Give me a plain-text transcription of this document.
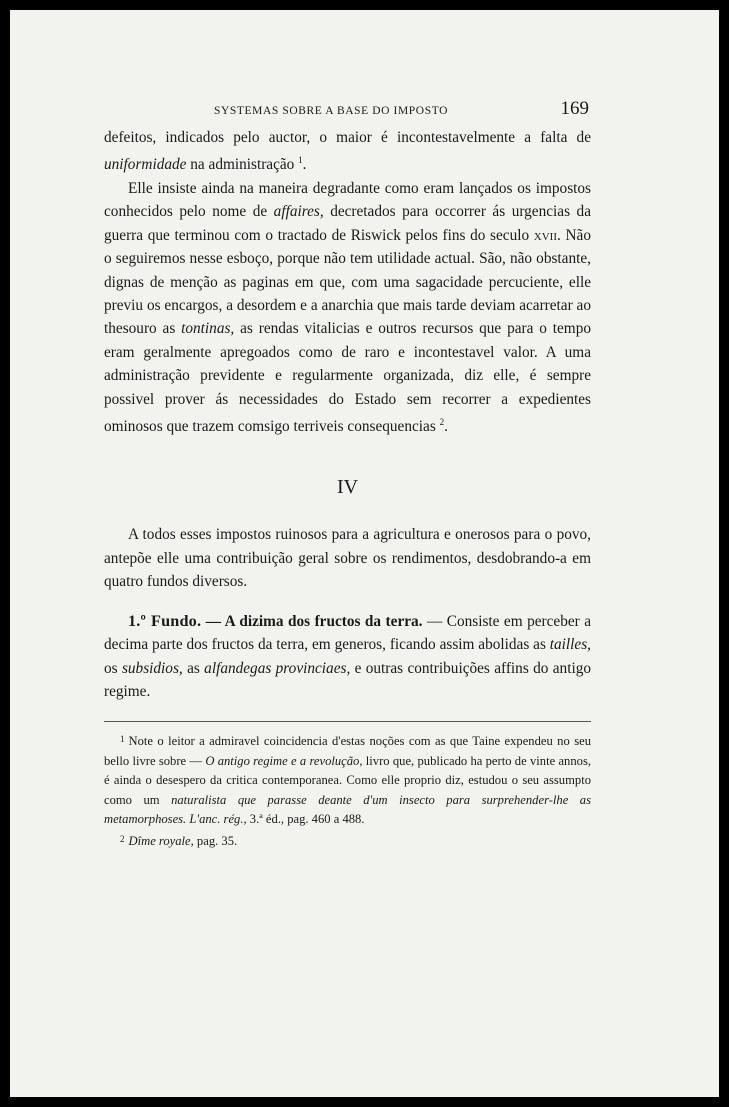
SYSTEMAS SOBRE A BASE DO IMPOSTO	169

defeitos, indicados pelo auctor, o maior é incontestavelmente a falta de uniformidade na administração $^1$.

Elle insiste ainda na maneira degradante como eram lançados os impostos conhecidos pelo nome de affaires, decretados para occorrer ás urgencias da guerra que terminou com o tractado de Riswick pelos fins do seculo xvii. Não o seguiremos nesse esboço, porque não tem utilidade actual. São, não obstante, dignas de menção as paginas em que, com uma sagacidade percuciente, elle previu os encargos, a desordem e a anarchia que mais tarde deviam acarretar ao thesouro as tontinas, as rendas vitalicias e outros recursos que para o tempo eram geralmente apregoados como de raro e incontestavel valor. A uma administração previdente e regularmente organizada, diz elle, é sempre possivel prover ás necessidades do Estado sem recorrer a expedientes ominosos que trazem comsigo terriveis consequencias $^2$.

IV

A todos esses impostos ruinosos para a agricultura e onerosos para o povo, antepõe elle uma contribuição geral sobre os rendimentos, desdobrando-a em quatro fundos diversos.

1.º Fundo. — A dizima dos fructos da terra. — Consiste em perceber a decima parte dos fructos da terra, em generos, ficando assim abolidas as tailles, os subsidios, as alfandegas provinciaes, e outras contribuições affins do antigo regime.

$^1$ Note o leitor a admiravel coincidencia d'estas noções com as que Taine expendeu no seu bello livre sobre — O antigo regime e a revolução, livro que, publicado ha perto de vinte annos, é ainda o desespero da critica contemporanea. Como elle proprio diz, estudou o seu assumpto como um naturalista que parasse deante d'um insecto para surprehender-lhe as metamorphoses. L'anc. rég., 3.ª éd., pag. 460 a 488.

$^2$ Dîme royale, pag. 35.
